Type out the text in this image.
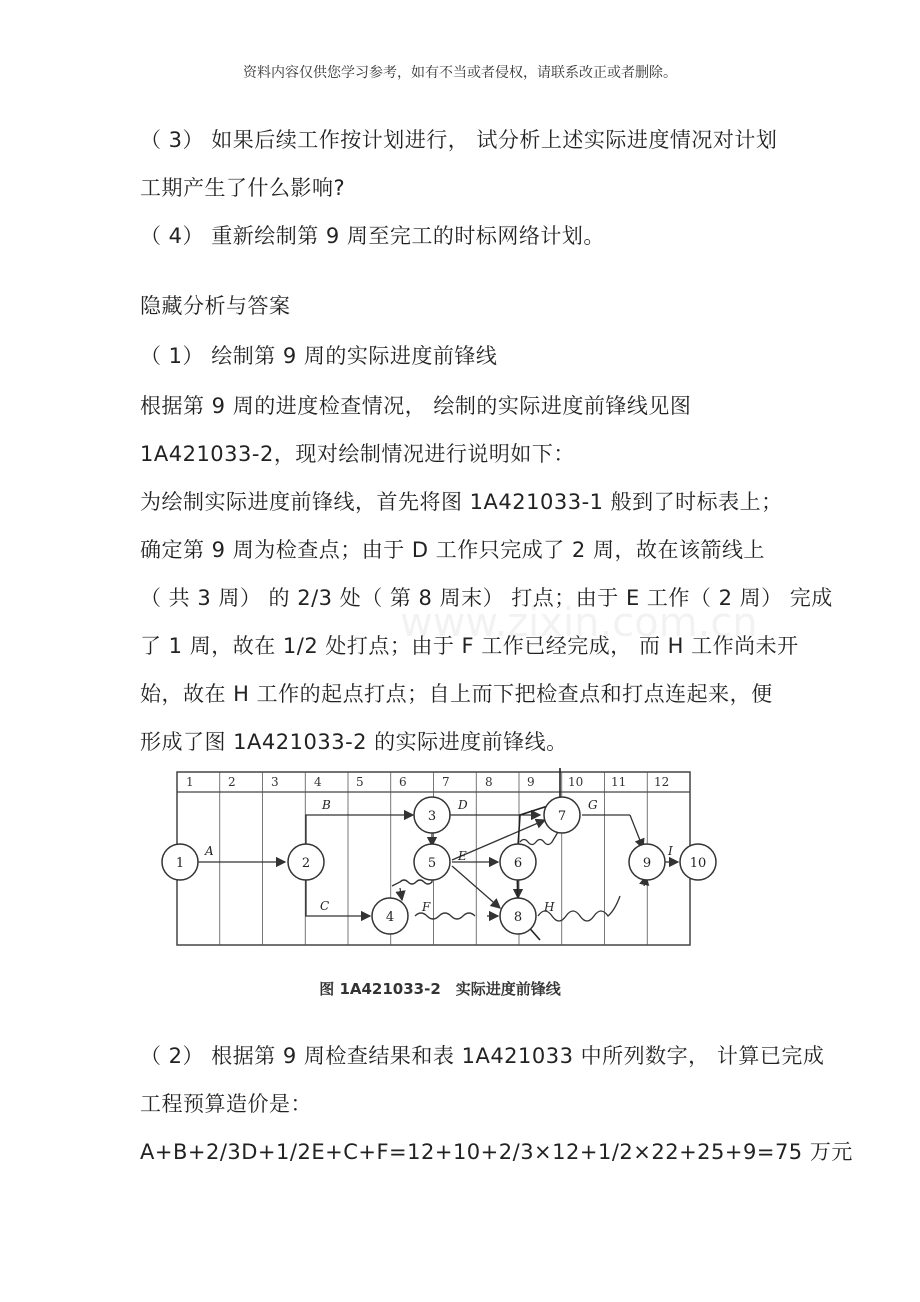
资料内容仅供您学习参考，如有不当或者侵权，请联系改正或者删除。
www.zixin.com.cn
（ 3） 如果后续工作按计划进行， 试分析上述实际进度情况对计划
工期产生了什么影响?
（ 4） 重新绘制第 9 周至完工的时标网络计划。
隐藏分析与答案
（ 1） 绘制第 9 周的实际进度前锋线
根据第 9 周的进度检查情况， 绘制的实际进度前锋线见图
1A421033-2，现对绘制情况进行说明如下：
为绘制实际进度前锋线，首先将图 1A421033-1 般到了时标表上；
确定第 9 周为检查点；由于 D 工作只完成了 2 周，故在该箭线上
（ 共 3 周） 的 2/3 处（ 第 8 周末） 打点；由于 E 工作（ 2 周） 完成
了 1 周，故在 1/2 处打点；由于 F 工作已经完成， 而 H 工作尚未开
始，故在 H 工作的起点打点；自上而下把检查点和打点连起来，便
形成了图 1A421033-2 的实际进度前锋线。
1	2	3	4	5	6	7	8	9	10 11 12
1	2
3
4
5	6
7
8
9	10
A
B
C
D
E
F
G
H
I
图 1A421033-2　实际进度前锋线
（ 2） 根据第 9 周检查结果和表 1A421033 中所列数字， 计算已完成
工程预算造价是：
A+B+2/3D+1/2E+C+F=12+10+2/3×12+1/2×22+25+9=75 万元
